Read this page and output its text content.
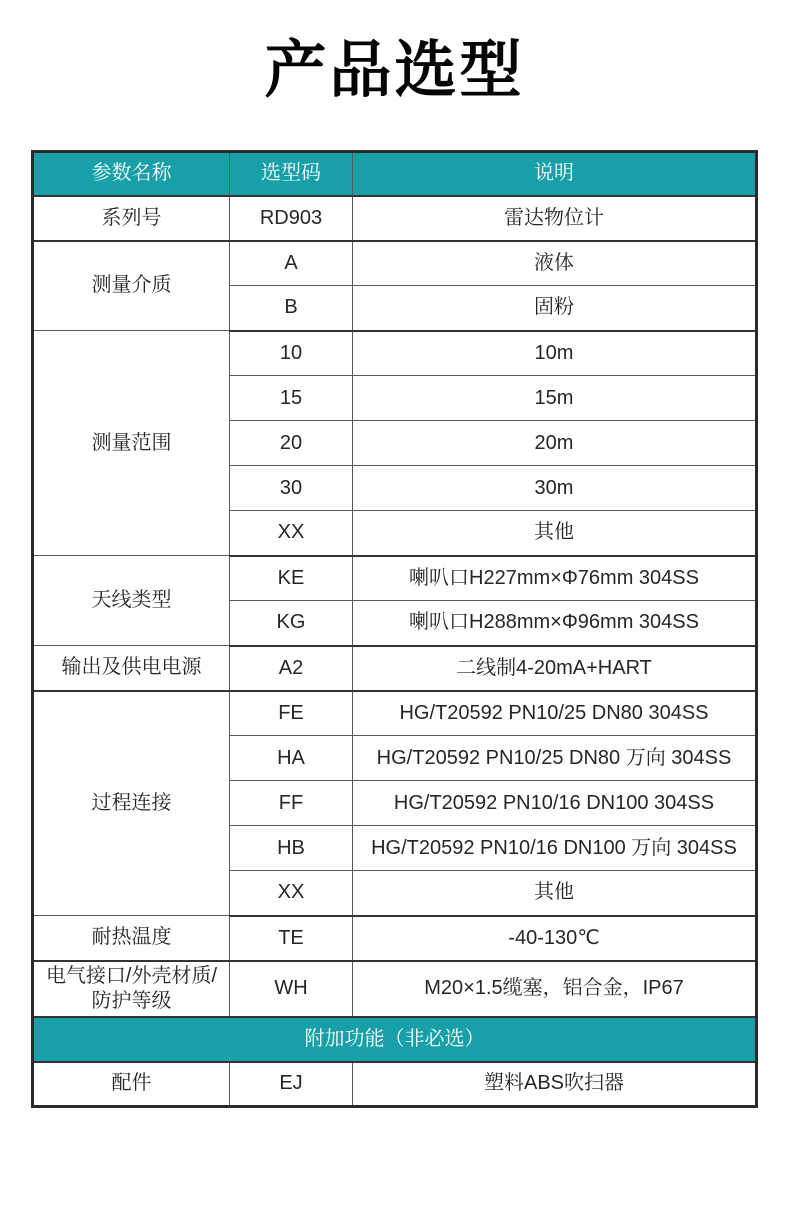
产品选型
参数名称	选型码	说明
系列号	RD903	雷达物位计
测量介质	A	液体
	B	固粉
测量范围	10	10m
	15	15m
	20	20m
	30	30m
	XX	其他
天线类型	KE	喇叭口H227mm×Φ76mm 304SS
	KG	喇叭口H288mm×Φ96mm 304SS
输出及供电电源	A2	二线制4-20mA+HART
过程连接	FE	HG/T20592 PN10/25 DN80 304SS
	HA	HG/T20592 PN10/25 DN80 万向 304SS
	FF	HG/T20592 PN10/16 DN100 304SS
	HB	HG/T20592 PN10/16 DN100 万向 304SS
	XX	其他
耐热温度	TE	-40-130℃
电气接口/外壳材质/防护等级	WH	M20×1.5缆塞，铝合金，IP67
附加功能（非必选）		
配件	EJ	塑料ABS吹扫器
